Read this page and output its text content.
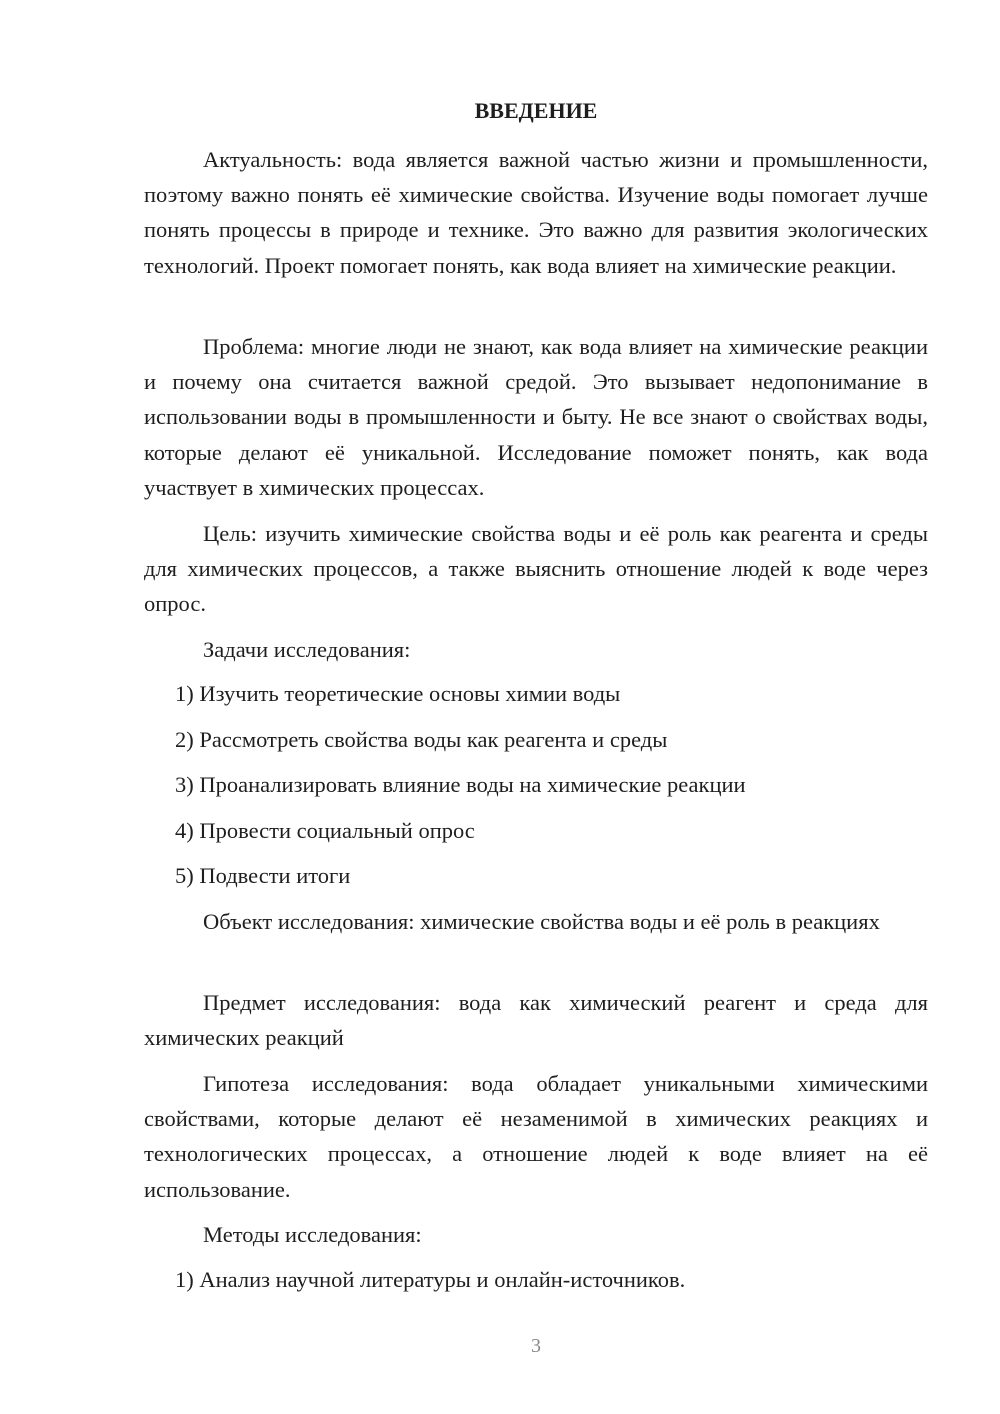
ВВЕДЕНИЕ

Актуальность: вода является важной частью жизни и промышленности, поэтому важно понять её химические свойства. Изучение воды помогает лучше понять процессы в природе и технике. Это важно для развития экологических технологий. Проект помогает понять, как вода влияет на химические реакции.

Проблема: многие люди не знают, как вода влияет на химические реакции и почему она считается важной средой. Это вызывает недопонимание в использовании воды в промышленности и быту. Не все знают о свойствах воды, которые делают её уникальной. Исследование поможет понять, как вода участвует в химических процессах.

Цель: изучить химические свойства воды и её роль как реагента и среды для химических процессов, а также выяснить отношение людей к воде через опрос.

Задачи исследования:

1) Изучить теоретические основы химии воды

2) Рассмотреть свойства воды как реагента и среды

3) Проанализировать влияние воды на химические реакции

4) Провести социальный опрос

5) Подвести итоги

Объект исследования: химические свойства воды и её роль в реакциях

Предмет исследования: вода как химический реагент и среда для химических реакций

Гипотеза исследования: вода обладает уникальными химическими свойствами, которые делают её незаменимой в химических реакциях и технологических процессах, а отношение людей к воде влияет на её использование.

Методы исследования:

1) Анализ научной литературы и онлайн-источников.

3
